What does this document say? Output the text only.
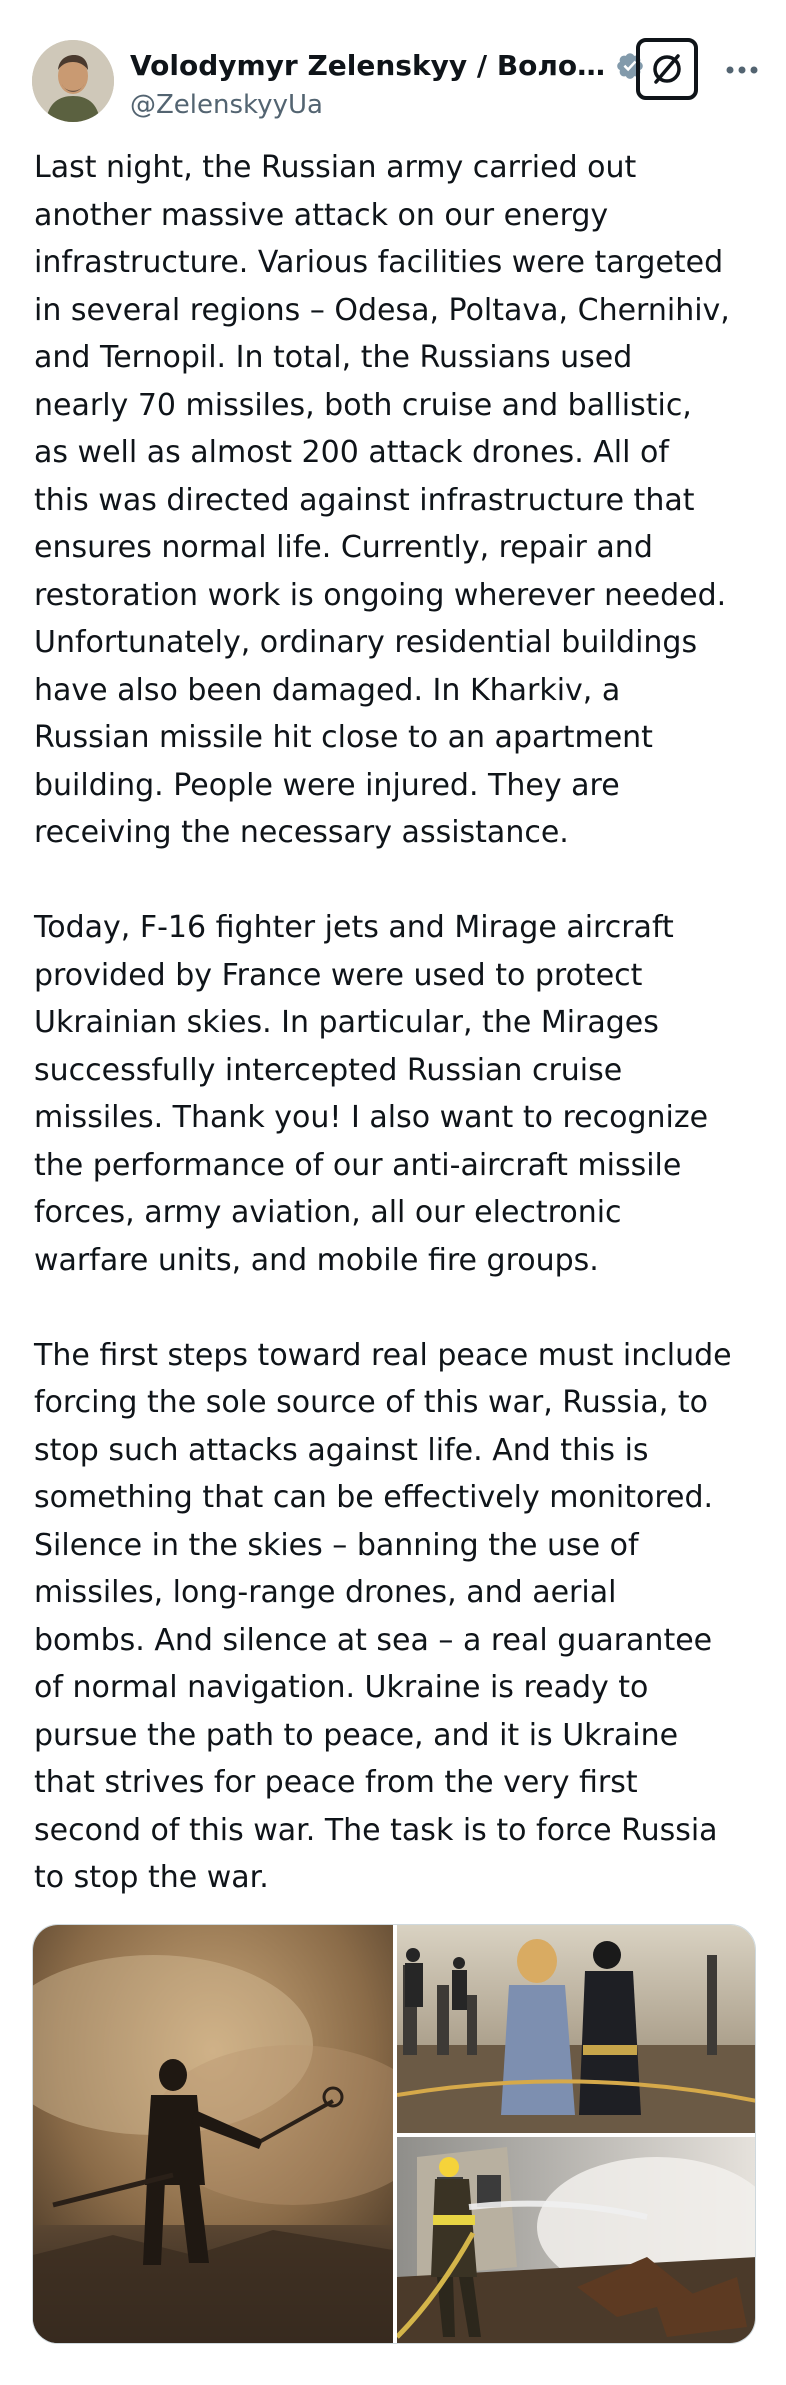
Volodymyr Zelenskyy / Воло…
@ZelenskyyUa

Last night, the Russian army carried out
another massive attack on our energy
infrastructure. Various facilities were targeted
in several regions – Odesa, Poltava, Chernihiv,
and Ternopil. In total, the Russians used
nearly 70 missiles, both cruise and ballistic,
as well as almost 200 attack drones. All of
this was directed against infrastructure that
ensures normal life. Currently, repair and
restoration work is ongoing wherever needed.
Unfortunately, ordinary residential buildings
have also been damaged. In Kharkiv, a
Russian missile hit close to an apartment
building. People were injured. They are
receiving the necessary assistance.

Today, F-16 fighter jets and Mirage aircraft
provided by France were used to protect
Ukrainian skies. In particular, the Mirages
successfully intercepted Russian cruise
missiles. Thank you! I also want to recognize
the performance of our anti-aircraft missile
forces, army aviation, all our electronic
warfare units, and mobile fire groups.

The first steps toward real peace must include
forcing the sole source of this war, Russia, to
stop such attacks against life. And this is
something that can be effectively monitored.
Silence in the skies – banning the use of
missiles, long-range drones, and aerial
bombs. And silence at sea – a real guarantee
of normal navigation. Ukraine is ready to
pursue the path to peace, and it is Ukraine
that strives for peace from the very first
second of this war. The task is to force Russia
to stop the war.
